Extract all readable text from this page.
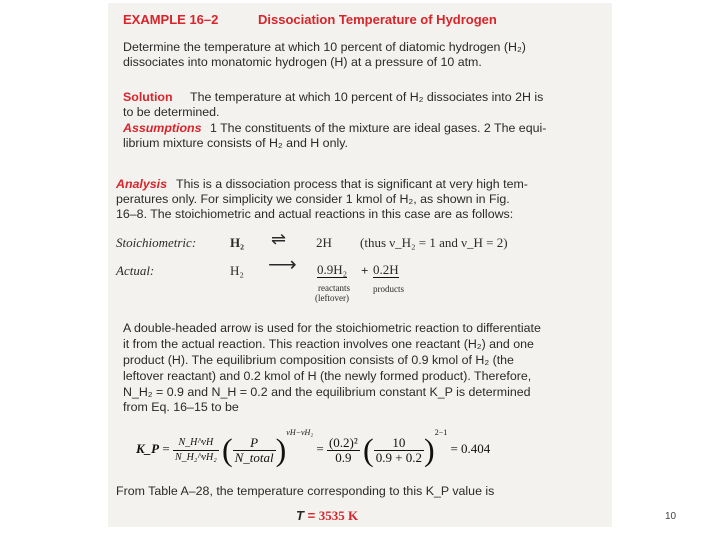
EXAMPLE 16–2	Dissociation Temperature of Hydrogen
Determine the temperature at which 10 percent of diatomic hydrogen (H₂)
dissociates into monatomic hydrogen (H) at a pressure of 10 atm.
Solution The temperature at which 10 percent of H₂ dissociates into 2H is
to be determined.
Assumptions 1 The constituents of the mixture are ideal gases. 2 The equi-
librium mixture consists of H₂ and H only.
Analysis This is a dissociation process that is significant at very high tem-
peratures only. For simplicity we consider 1 kmol of H₂, as shown in Fig.
16–8. The stoichiometric and actual reactions in this case are as follows:
Stoichiometric:	H₂ ⇌ 2H (thus ν_H₂ = 1 and ν_H = 2)
Actual:	H₂ ⟶ 0.9H₂ + 0.2H
reactants
(leftover)
products
A double-headed arrow is used for the stoichiometric reaction to differentiate
it from the actual reaction. This reaction involves one reactant (H₂) and one
product (H). The equilibrium composition consists of 0.9 kmol of H₂ (the
leftover reactant) and 0.2 kmol of H (the newly formed product). Therefore,
N_H₂ = 0.9 and N_H = 0.2 and the equilibrium constant K_P is determined
from Eq. 16–15 to be
K_P = $\frac{N\_H\^{}\nu H}{\text{N\_H₂\textasciicircum{}νH₂}}$ ( $\frac{P}{\text{N\_total}} )^{\nu H-\nu H_2} = \frac{\text{(0.2)²}}{0.9}$ ( $\frac{10}{0.9 + 0.2} )^{2-1} = 0.404$
From Table A–28, the temperature corresponding to this K_P value is
T = 3535 K	10
